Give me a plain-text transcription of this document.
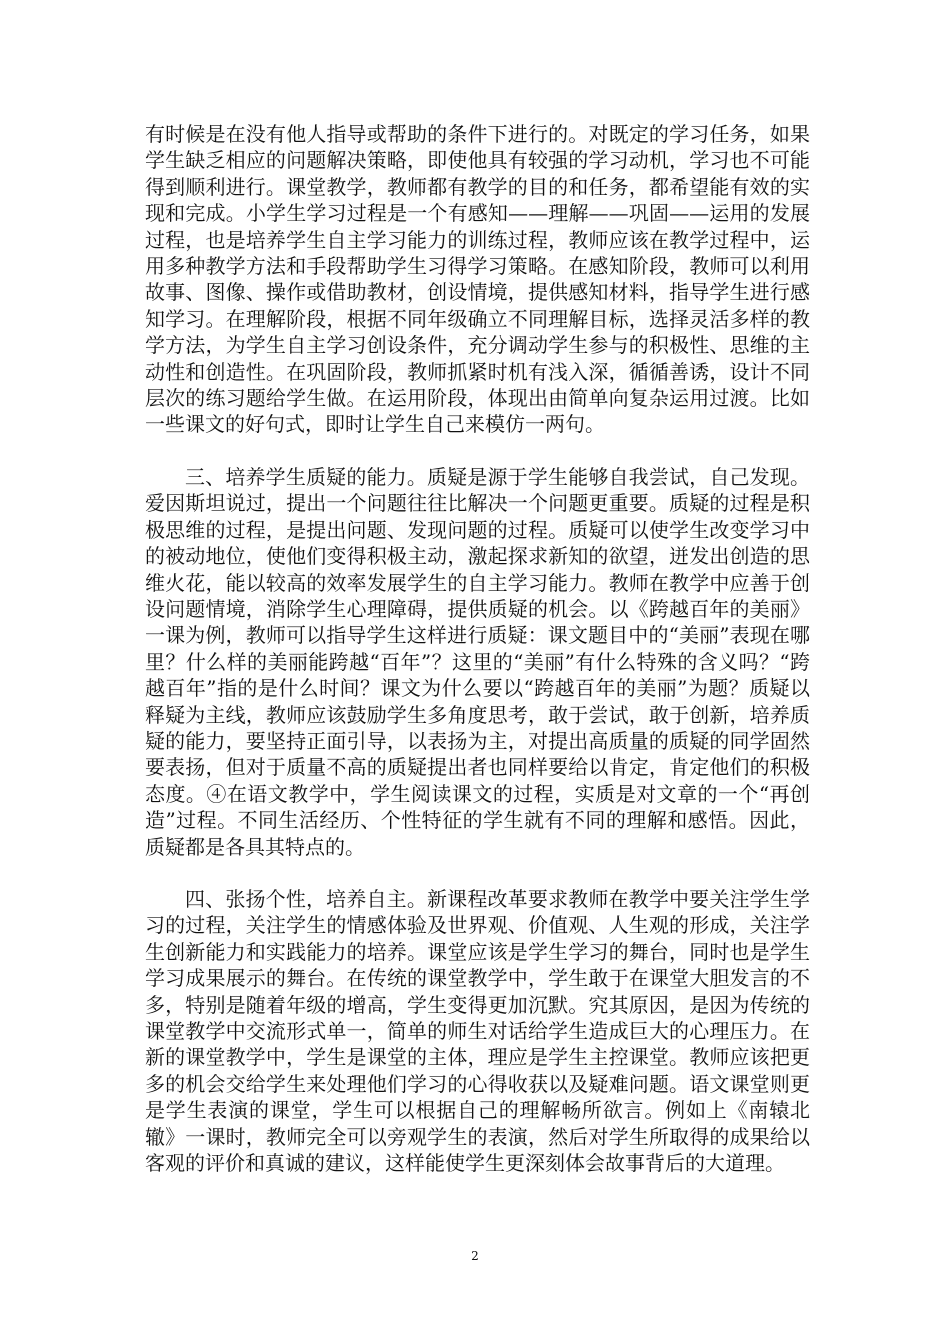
有时候是在没有他人指导或帮助的条件下进行的。对既定的学习任务，如果学生缺乏相应的问题解决策略，即使他具有较强的学习动机，学习也不可能得到顺利进行。课堂教学，教师都有教学的目的和任务，都希望能有效的实现和完成。小学生学习过程是一个有感知——理解——巩固——运用的发展过程，也是培养学生自主学习能力的训练过程，教师应该在教学过程中，运用多种教学方法和手段帮助学生习得学习策略。在感知阶段，教师可以利用故事、图像、操作或借助教材，创设情境，提供感知材料，指导学生进行感知学习。在理解阶段，根据不同年级确立不同理解目标，选择灵活多样的教学方法，为学生自主学习创设条件，充分调动学生参与的积极性、思维的主动性和创造性。在巩固阶段，教师抓紧时机有浅入深，循循善诱，设计不同层次的练习题给学生做。在运用阶段，体现出由简单向复杂运用过渡。比如一些课文的好句式，即时让学生自己来模仿一两句。

三、培养学生质疑的能力。质疑是源于学生能够自我尝试，自己发现。爱因斯坦说过，提出一个问题往往比解决一个问题更重要。质疑的过程是积极思维的过程，是提出问题、发现问题的过程。质疑可以使学生改变学习中的被动地位，使他们变得积极主动，激起探求新知的欲望，迸发出创造的思维火花，能以较高的效率发展学生的自主学习能力。教师在教学中应善于创设问题情境，消除学生心理障碍，提供质疑的机会。以《跨越百年的美丽》一课为例，教师可以指导学生这样进行质疑：课文题目中的“美丽”表现在哪里？什么样的美丽能跨越“百年”？这里的“美丽”有什么特殊的含义吗？“跨越百年”指的是什么时间？课文为什么要以“跨越百年的美丽”为题？质疑以释疑为主线，教师应该鼓励学生多角度思考，敢于尝试，敢于创新，培养质疑的能力，要坚持正面引导，以表扬为主，对提出高质量的质疑的同学固然要表扬，但对于质量不高的质疑提出者也同样要给以肯定，肯定他们的积极态度。④在语文教学中，学生阅读课文的过程，实质是对文章的一个“再创造”过程。不同生活经历、个性特征的学生就有不同的理解和感悟。因此，质疑都是各具其特点的。

四、张扬个性，培养自主。新课程改革要求教师在教学中要关注学生学习的过程，关注学生的情感体验及世界观、价值观、人生观的形成，关注学生创新能力和实践能力的培养。课堂应该是学生学习的舞台，同时也是学生学习成果展示的舞台。在传统的课堂教学中，学生敢于在课堂大胆发言的不多，特别是随着年级的增高，学生变得更加沉默。究其原因，是因为传统的课堂教学中交流形式单一，简单的师生对话给学生造成巨大的心理压力。在新的课堂教学中，学生是课堂的主体，理应是学生主控课堂。教师应该把更多的机会交给学生来处理他们学习的心得收获以及疑难问题。语文课堂则更是学生表演的课堂，学生可以根据自己的理解畅所欲言。例如上《南辕北辙》一课时，教师完全可以旁观学生的表演，然后对学生所取得的成果给以客观的评价和真诚的建议，这样能使学生更深刻体会故事背后的大道理。

2
